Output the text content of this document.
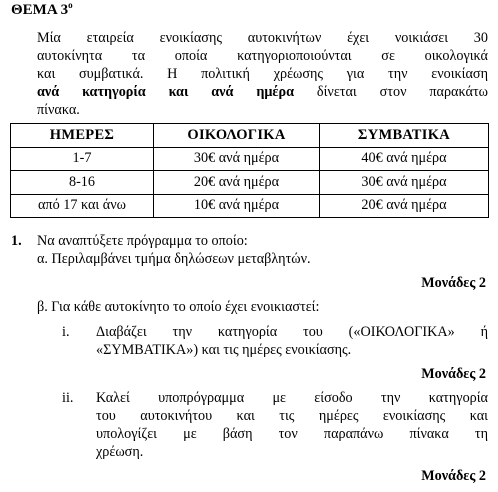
ΘΕΜΑ $3^o$
Μία εταιρεία ενοικίασης αυτοκινήτων έχει νοικιάσει 30
αυτοκίνητα τα οποία κατηγοριοποιούνται σε οικολογικά
και συμβατικά. Η πολιτική χρέωσης για την ενοικίαση
ανά κατηγορία και ανά ημέρα δίνεται στον παρακάτω
πίνακα.
ΗΜΕΡΕΣ	ΟΙΚΟΛΟΓΙΚΑ	ΣΥΜΒΑΤΙΚΑ
1-7	30€ ανά ημέρα	40€ ανά ημέρα
8-16	20€ ανά ημέρα	30€ ανά ημέρα
από 17 και άνω	10€ ανά ημέρα	20€ ανά ημέρα
1. Να αναπτύξετε πρόγραμμα το οποίο:
α. Περιλαμβάνει τμήμα δηλώσεων μεταβλητών.
Μονάδες 2
β. Για κάθε αυτοκίνητο το οποίο έχει ενοικιαστεί:
i. Διαβάζει την κατηγορία του («ΟΙΚΟΛΟΓΙΚΑ» ή
«ΣΥΜΒΑΤΙΚΑ») και τις ημέρες ενοικίασης.
Μονάδες 2
ii. Καλεί υποπρόγραμμα με είσοδο την κατηγορία
του αυτοκινήτου και τις ημέρες ενοικίασης και
υπολογίζει με βάση τον παραπάνω πίνακα τη
χρέωση.
Μονάδες 2
